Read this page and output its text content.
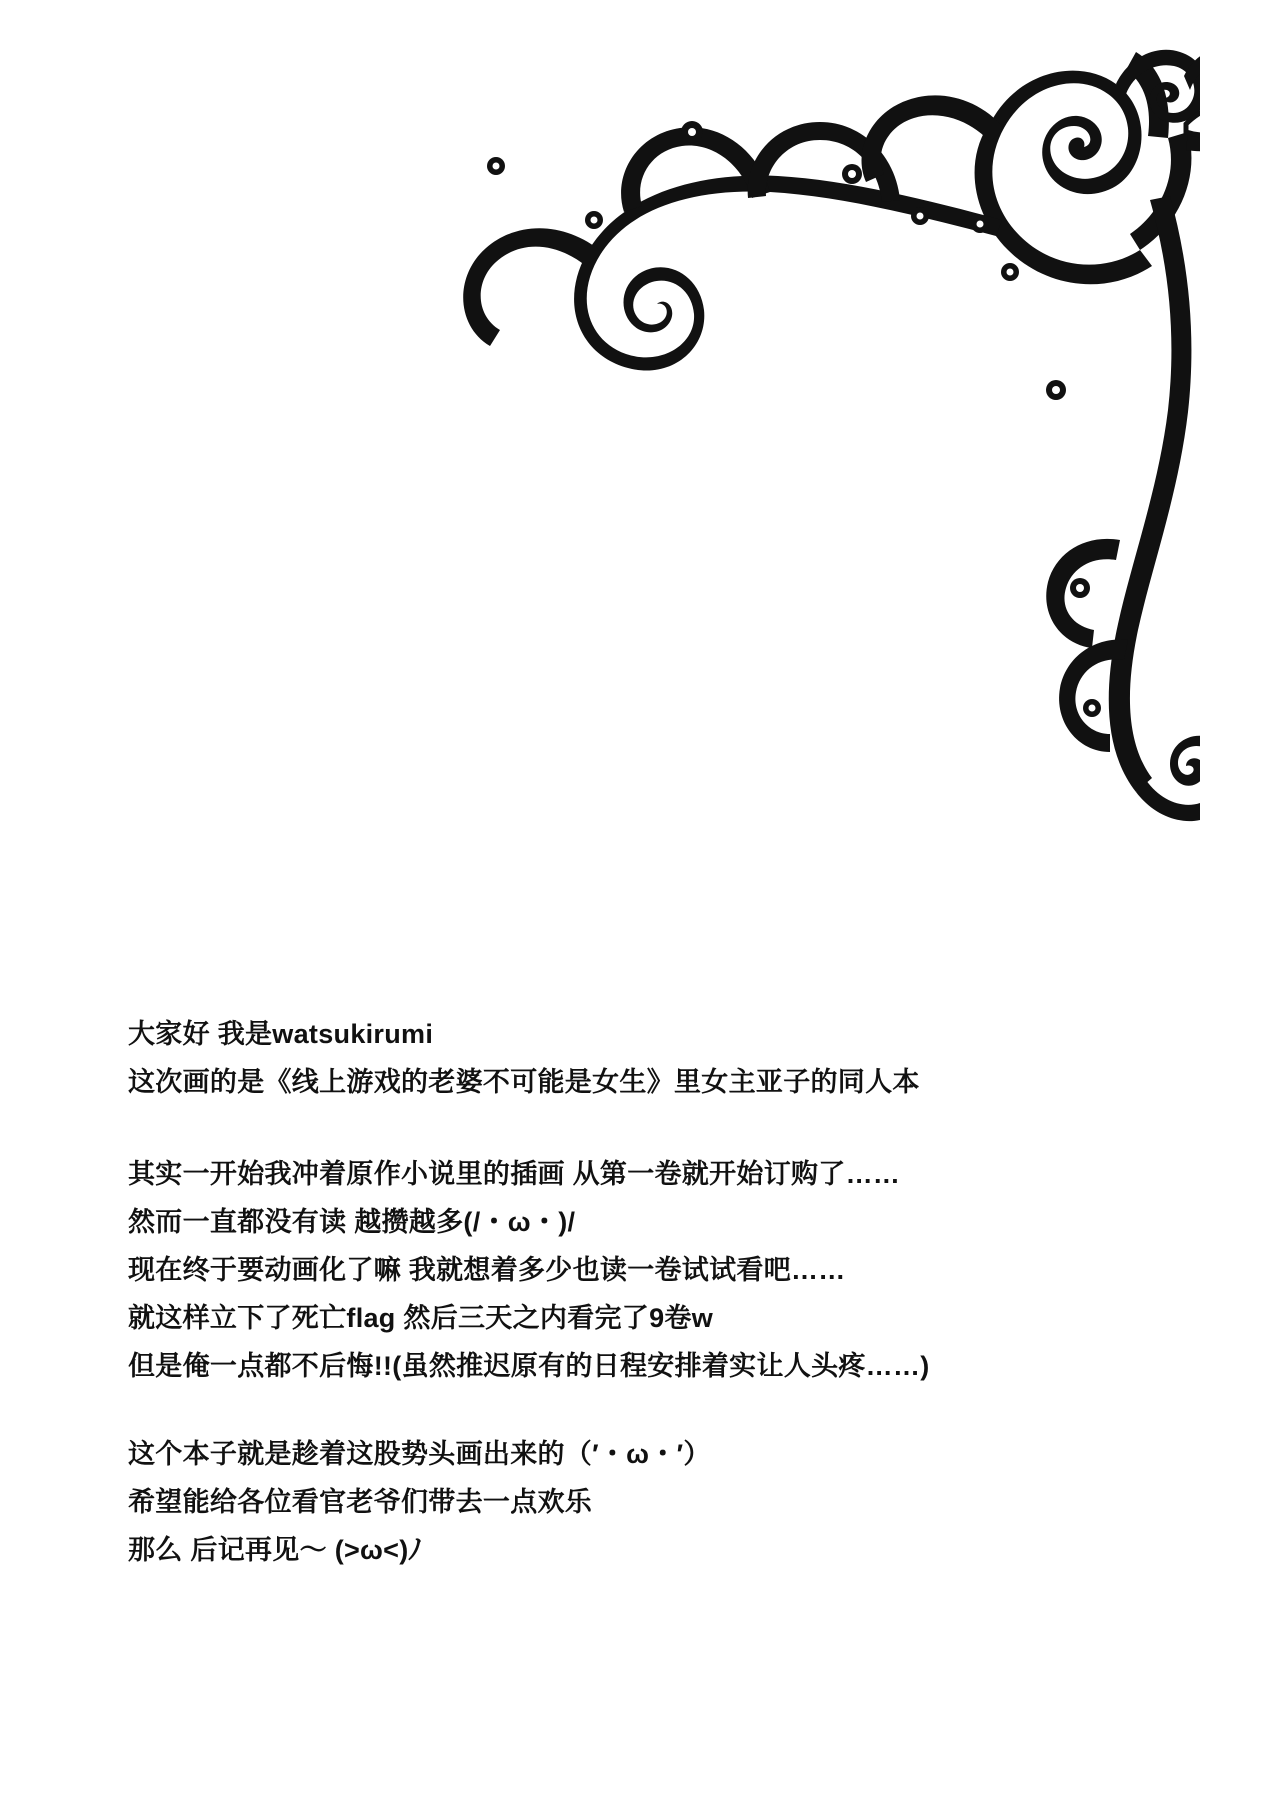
大家好 我是watsukirumi
这次画的是《线上游戏的老婆不可能是女生》里女主亚子的同人本
其实一开始我冲着原作小说里的插画 从第一卷就开始订购了……
然而一直都没有读 越攒越多(/・ω・)/
现在终于要动画化了嘛 我就想着多少也读一卷试试看吧……
就这样立下了死亡flag 然后三天之内看完了9卷w
但是俺一点都不后悔!!(虽然推迟原有的日程安排着实让人头疼……)
这个本子就是趁着这股势头画出来的（′・ω・′）
希望能给各位看官老爷们带去一点欢乐
那么 后记再见～ (>ω<)ﾉ
